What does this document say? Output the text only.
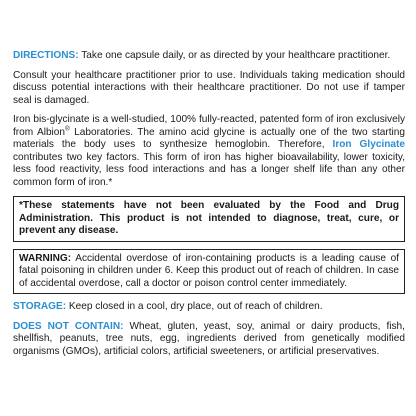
DIRECTIONS: Take one capsule daily, or as directed by your healthcare practitioner.

Consult your healthcare practitioner prior to use. Individuals taking medication should discuss potential interactions with their healthcare practitioner. Do not use if tamper seal is damaged.

Iron bis-glycinate is a well-studied, 100% fully-reacted, patented form of iron exclusively from Albion® Laboratories. The amino acid glycine is actually one of the two starting materials the body uses to synthesize hemoglobin. Therefore, Iron Glycinate contributes two key factors. This form of iron has higher bioavailability, lower toxicity, less food reactivity, less food interactions and has a longer shelf life than any other common form of iron.*

*These statements have not been evaluated by the Food and Drug Administration. This product is not intended to diagnose, treat, cure, or prevent any disease.

WARNING: Accidental overdose of iron-containing products is a leading cause of fatal poisoning in children under 6. Keep this product out of reach of children. In case of accidental overdose, call a doctor or poison control center immediately.

STORAGE: Keep closed in a cool, dry place, out of reach of children.

DOES NOT CONTAIN: Wheat, gluten, yeast, soy, animal or dairy products, fish, shellfish, peanuts, tree nuts, egg, ingredients derived from genetically modified organisms (GMOs), artificial colors, artificial sweeteners, or artificial preservatives.
